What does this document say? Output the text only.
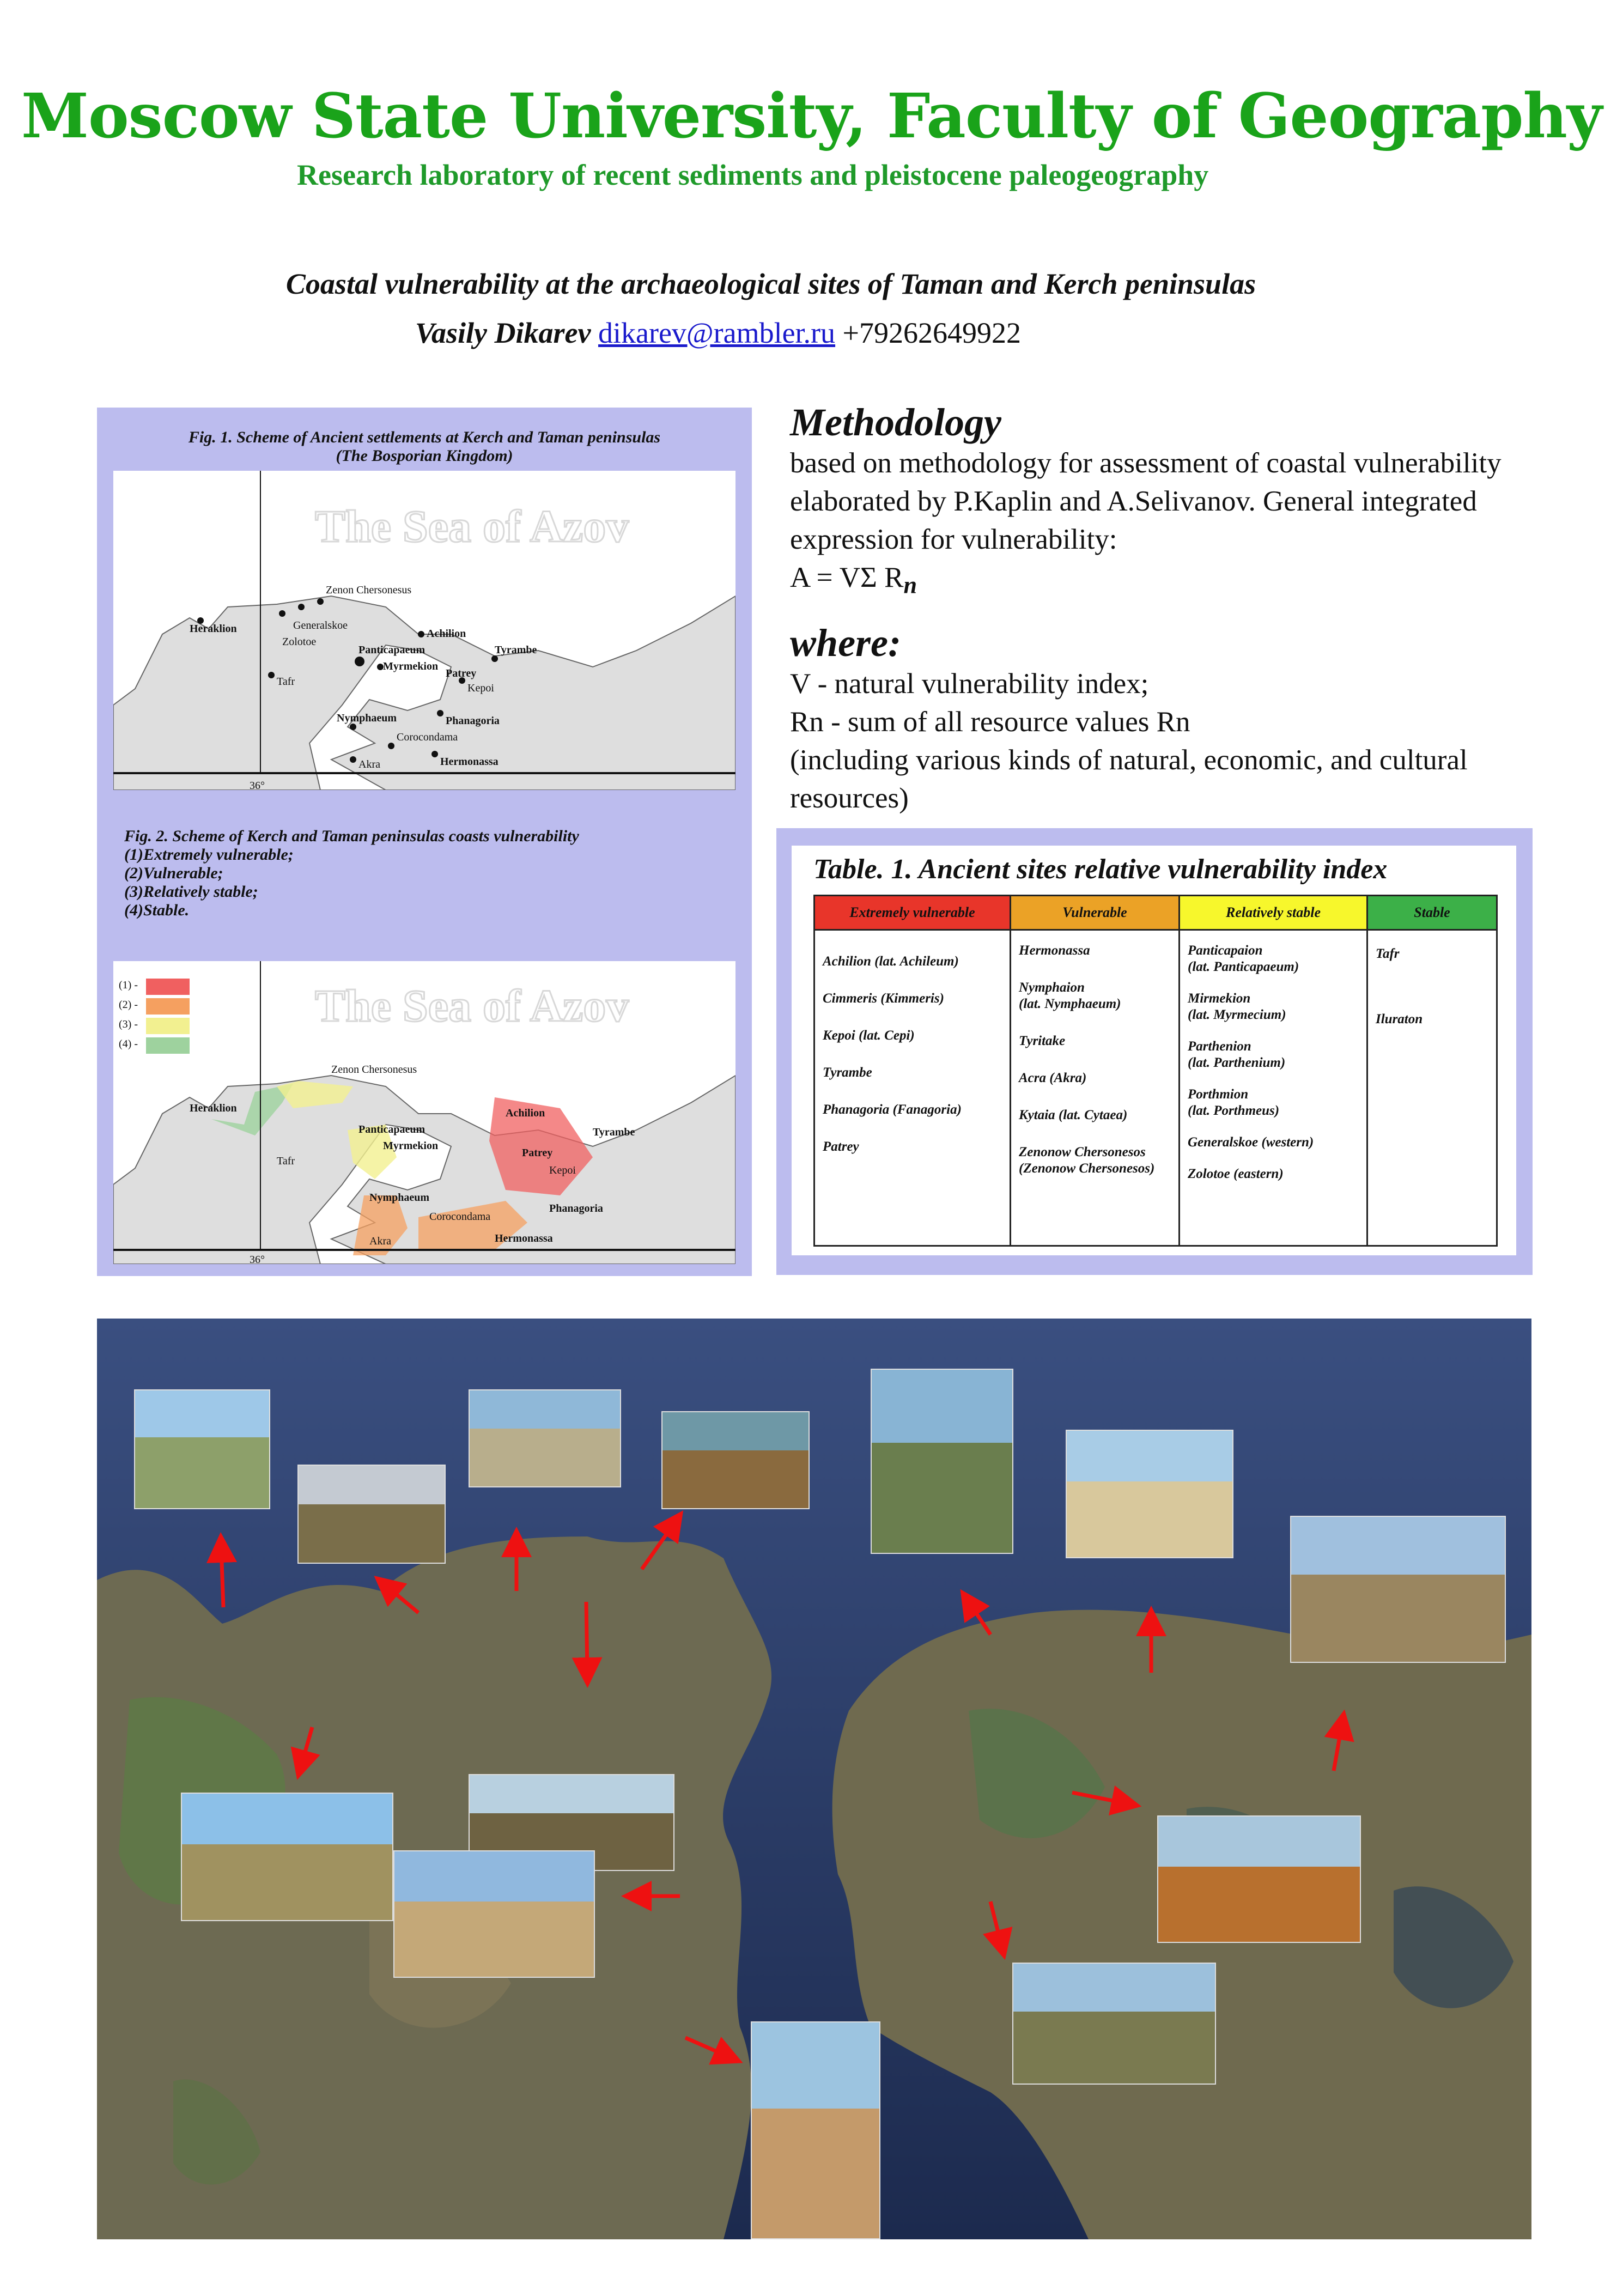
Moscow State University, Faculty of Geography
Research laboratory of recent sediments and pleistocene paleogeography
Coastal vulnerability at the archaeological sites of Taman and Kerch peninsulas
Vasily Dikarev dikarev@rambler.ru +79262649922
Fig. 1. Scheme of Ancient settlements at Kerch and Taman peninsulas
(The Bosporian Kingdom)
The Sea of Azov
36°
Heraklion
Zolotoe
Generalskoe
Zenon Chersonesus
Panticapaeum
Achilion
Tyrambe
Myrmekion
Tafr
Patrey
Kepoi
Nymphaeum	Phanagoria
Corocondama
Hermonassa
Akra
Fig. 2. Scheme of Kerch and Taman peninsulas coasts vulnerability
(1)Extremely vulnerable;
(2)Vulnerable;
(3)Relatively stable;
(4)Stable.
The Sea of Azov
36°
(1) -
(2) -
(3) -
(4) -
Heraklion
Zenon Chersonesus
Panticapaeum
Achilion
Tyrambe
Myrmekion
Tafr
Patrey
Kepoi
Nymphaeum
Phanagoria
Corocondama
Hermonassa
Akra
Methodology
based on methodology for assessment of coastal vulnerability elaborated by P.Kaplin and A.Selivanov. General integrated expression for vulnerability:
A = VΣ $R_n$
where:
V - natural vulnerability index;
Rn - sum of all resource values Rn
(including various kinds of natural, economic, and cultural resources)
Table. 1. Ancient sites relative vulnerability index
Extremely vulnerable
Achilion (lat. Achileum)
Cimmeris (Kimmeris)
Kepoi (lat. Cepi)
Tyrambe
Phanagoria (Fanagoria)
Patrey
Vulnerable
Hermonassa
Nymphaion
(lat. Nymphaeum)
Tyritake
Acra (Akra)
Kytaia (lat. Cytaea)
Zenonow Chersonesos
(Zenonow Chersonesos)
Relatively stable
Panticapaion
(lat. Panticapaeum)
Mirmekion
(lat. Myrmecium)
Parthenion
(lat. Parthenium)
Porthmion
(lat. Porthmeus)
Generalskoe (western)
Zolotoe (eastern)
Stable
Tafr
Iluraton
